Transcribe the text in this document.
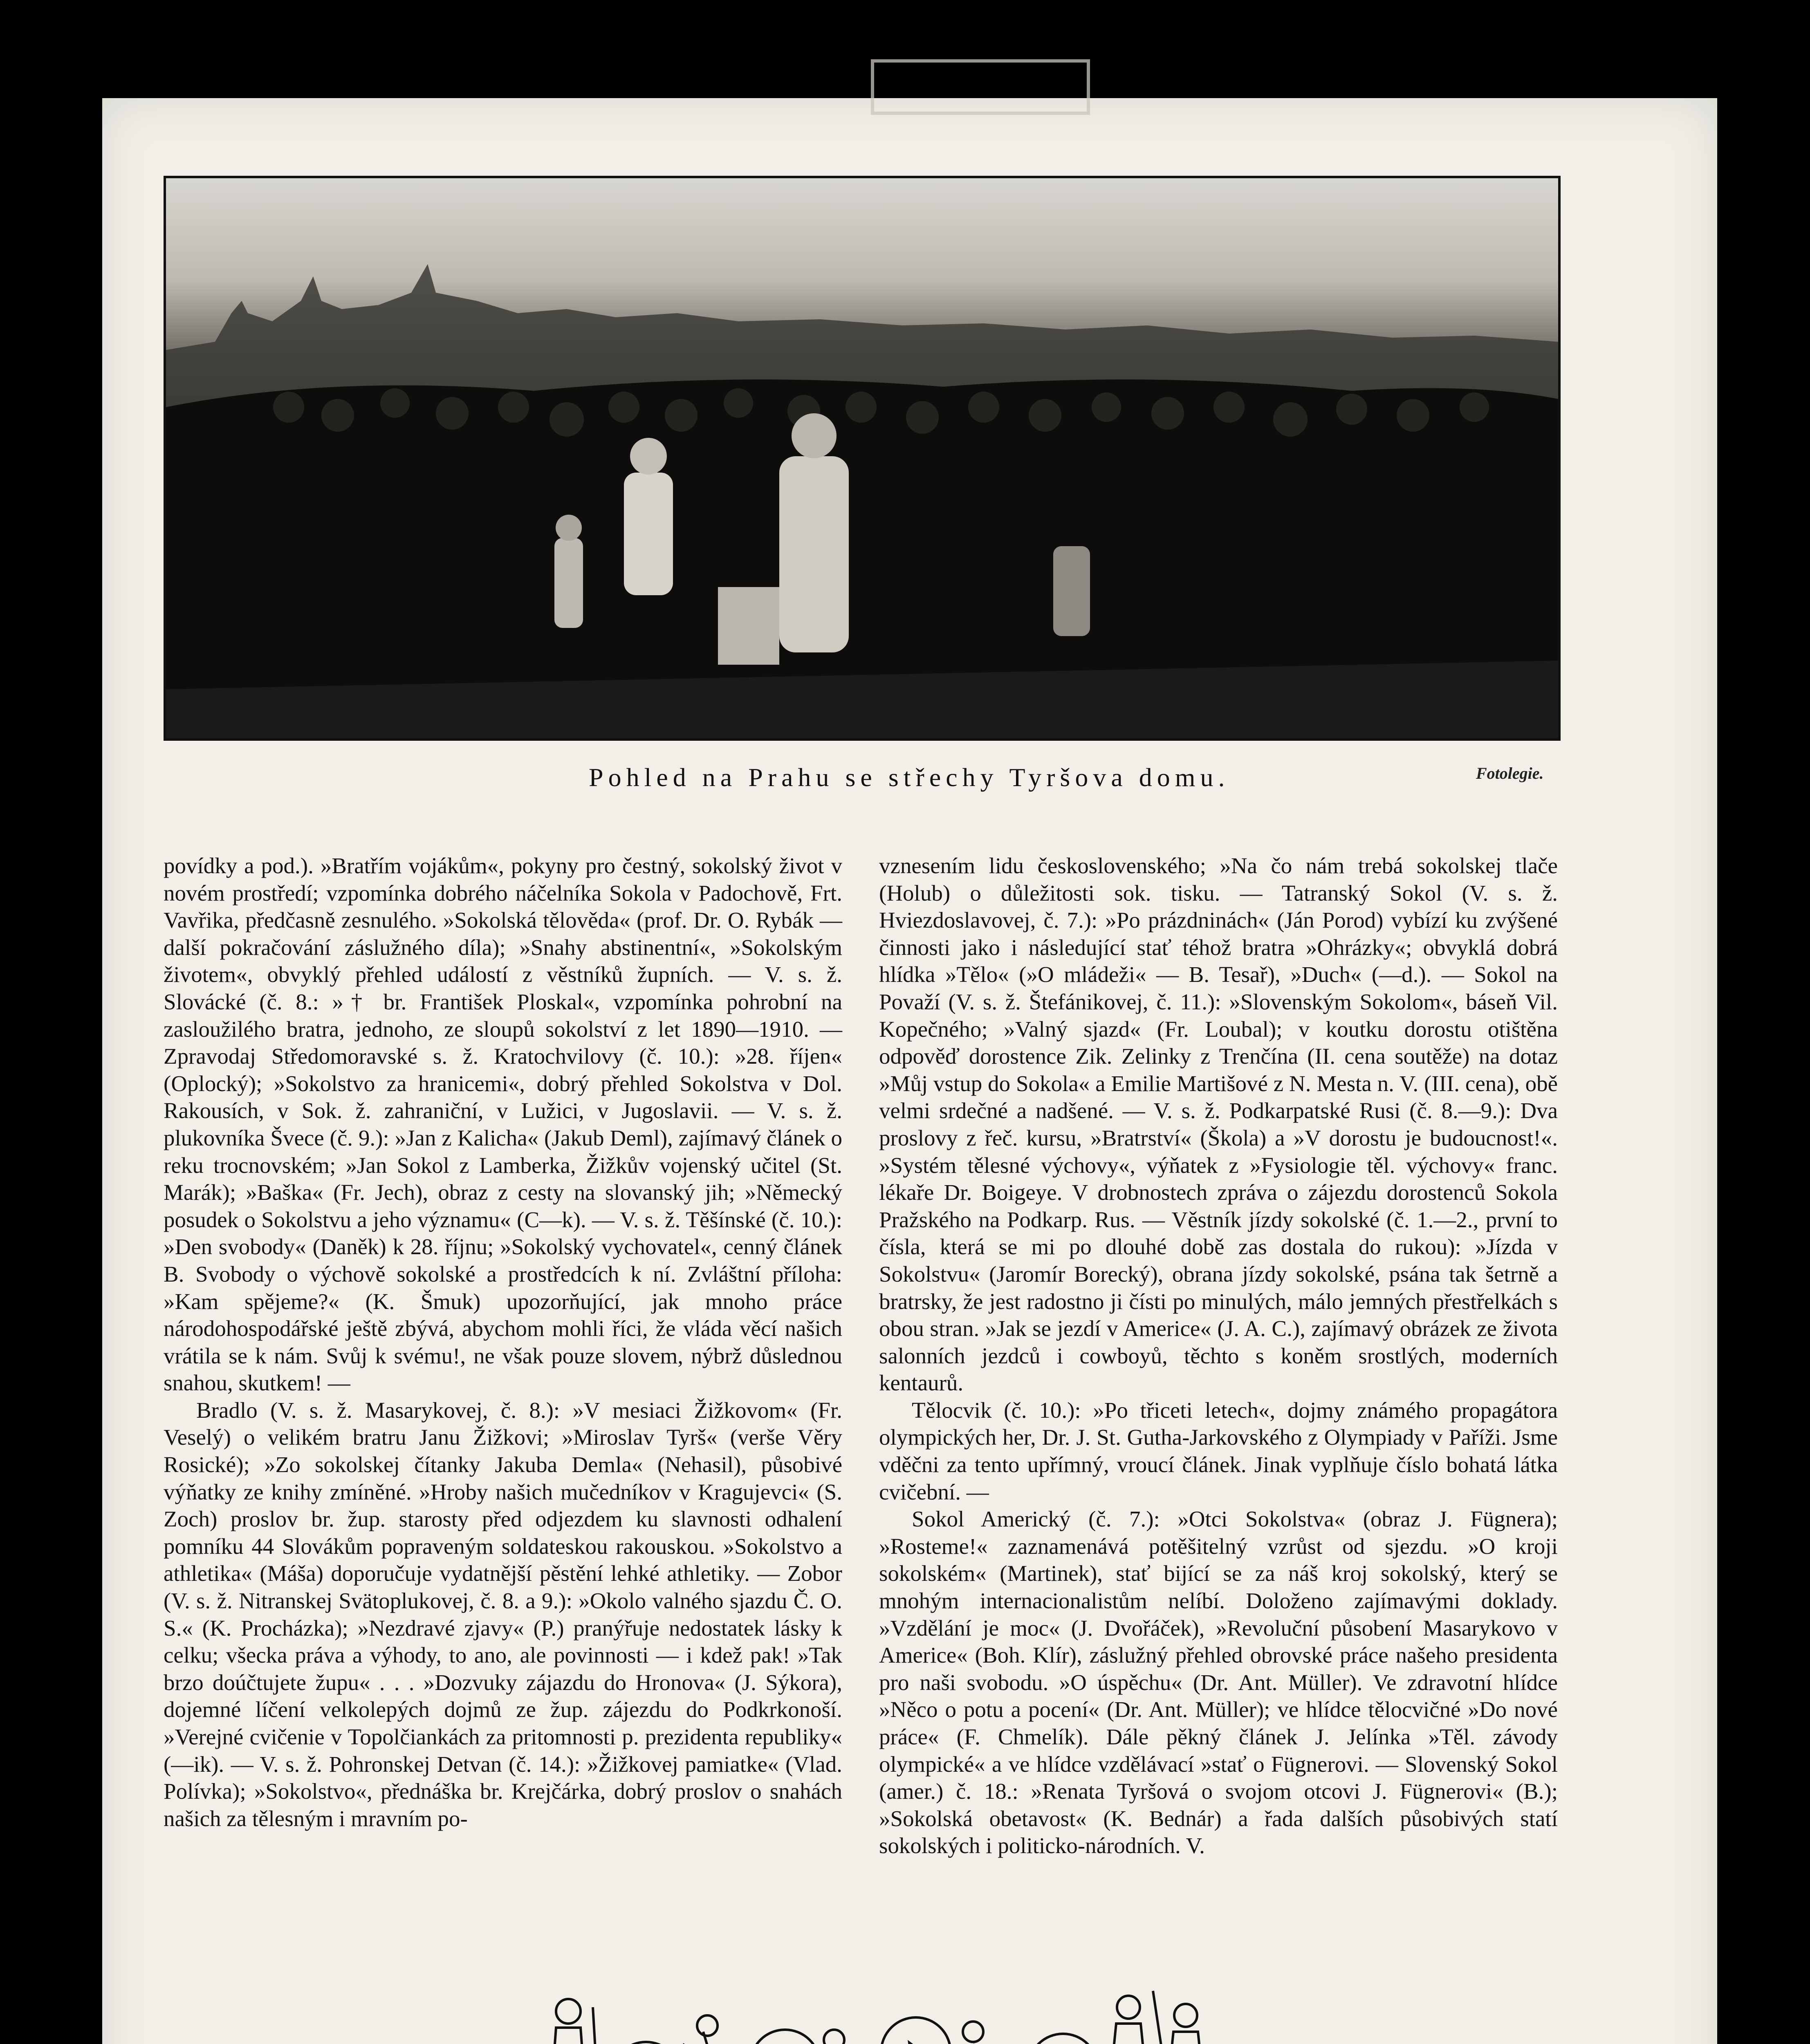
Pohled na Prahu se střechy Tyršova domu.	Fotolegie.

povídky a pod.). »Bratřím vojákům«, pokyny pro čestný, sokolský život v novém prostředí; vzpomínka dobrého náčelníka Sokola v Padochově, Frt. Vavřika, předčasně zesnulého. »Sokolská tělověda« (prof. Dr. O. Rybák — další pokračování záslužného díla); »Snahy abstinentní«, »Sokolským životem«, obvyklý přehled událostí z věstníků župních. — V. s. ž. Slovácké (č. 8.: »† br. František Ploskal«, vzpomínka pohrobní na zasloužilého bratra, jednoho, ze sloupů sokolství z let 1890—1910. — Zpravodaj Středomoravské s. ž. Kratochvilovy (č. 10.): »28. říjen« (Oplocký); »Sokolstvo za hranicemi«, dobrý přehled Sokolstva v Dol. Rakousích, v Sok. ž. zahraniční, v Lužici, v Jugoslavii. — V. s. ž. plukovníka Švece (č. 9.): »Jan z Kalicha« (Jakub Deml), zajímavý článek o reku trocnovském; »Jan Sokol z Lamberka, Žižkův vojenský učitel (St. Marák); »Baška« (Fr. Jech), obraz z cesty na slovanský jih; »Německý posudek o Sokolstvu a jeho významu« (C—k). — V. s. ž. Těšínské (č. 10.): »Den svobody« (Daněk) k 28. říjnu; »Sokolský vychovatel«, cenný článek B. Svobody o výchově sokolské a prostředcích k ní. Zvláštní příloha: »Kam spějeme?« (K. Šmuk) upozorňující, jak mnoho práce národohospodářské ještě zbývá, abychom mohli říci, že vláda věcí našich vrátila se k nám. Svůj k svému!, ne však pouze slovem, nýbrž důslednou snahou, skutkem! —

Bradlo (V. s. ž. Masarykovej, č. 8.): »V mesiaci Žižkovom« (Fr. Veselý) o velikém bratru Janu Žižkovi; »Miroslav Tyrš« (verše Věry Rosické); »Zo sokolskej čítanky Jakuba Demla« (Nehasil), působivé výňatky ze knihy zmíněné. »Hroby našich mučedníkov v Kragujevci« (S. Zoch) proslov br. žup. starosty před odjezdem ku slavnosti odhalení pomníku 44 Slovákům popraveným soldateskou rakouskou. »Sokolstvo a athletika« (Máša) doporučuje vydatnější pěstění lehké athletiky. — Zobor (V. s. ž. Nitranskej Svätoplukovej, č. 8. a 9.): »Okolo valného sjazdu Č. O. S.« (K. Procházka); »Nezdravé zjavy« (P.) pranýřuje nedostatek lásky k celku; všecka práva a výhody, to ano, ale povinnosti — i kdež pak! »Tak brzo doúčtujete župu« . . . »Dozvuky zájazdu do Hronova« (J. Sýkora), dojemné líčení velkolepých dojmů ze žup. zájezdu do Podkrkonoší. »Verejné cvičenie v Topolčiankách za pritomnosti p. prezidenta republiky« (—ik). — V. s. ž. Pohronskej Detvan (č. 14.): »Žižkovej pamiatke« (Vlad. Polívka); »Sokolstvo«, přednáška br. Krejčárka, dobrý proslov o snahách našich za tělesným i mravním po-

vznesením lidu československého; »Na čo nám trebá sokolskej tlače (Holub) o důležitosti sok. tisku. — Tatranský Sokol (V. s. ž. Hviezdoslavovej, č. 7.): »Po prázdninách« (Ján Porod) vybízí ku zvýšené činnosti jako i následující stať téhož bratra »Ohrázky«; obvyklá dobrá hlídka »Tělo« (»O mládeži« — B. Tesař), »Duch« (—d.). — Sokol na Považí (V. s. ž. Štefánikovej, č. 11.): »Slovenským Sokolom«, báseň Vil. Kopečného; »Valný sjazd« (Fr. Loubal); v koutku dorostu otištěna odpověď dorostence Zik. Zelinky z Trenčína (II. cena soutěže) na dotaz »Můj vstup do Sokola« a Emilie Martišové z N. Mesta n. V. (III. cena), obě velmi srdečné a nadšené. — V. s. ž. Podkarpatské Rusi (č. 8.—9.): Dva proslovy z řeč. kursu, »Bratrství« (Škola) a »V dorostu je budoucnost!«. »Systém tělesné výchovy«, výňatek z »Fysiologie těl. výchovy« franc. lékaře Dr. Boigeye. V drobnostech zpráva o zájezdu dorostenců Sokola Pražského na Podkarp. Rus. — Věstník jízdy sokolské (č. 1.—2., první to čísla, která se mi po dlouhé době zas dostala do rukou): »Jízda v Sokolstvu« (Jaromír Borecký), obrana jízdy sokolské, psána tak šetrně a bratrsky, že jest radostno ji čísti po minulých, málo jemných přestřelkách s obou stran. »Jak se jezdí v Americe« (J. A. C.), zajímavý obrázek ze života salonních jezdců i cowboyů, těchto s koněm srostlých, moderních kentaurů.

Tělocvik (č. 10.): »Po třiceti letech«, dojmy známého propagátora olympických her, Dr. J. St. Gutha-Jarkovského z Olympiady v Paříži. Jsme vděčni za tento upřímný, vroucí článek. Jinak vyplňuje číslo bohatá látka cvičební. —

Sokol Americký (č. 7.): »Otci Sokolstva« (obraz J. Fügnera); »Rosteme!« zaznamenává potěšitelný vzrůst od sjezdu. »O kroji sokolském« (Martinek), stať bijící se za náš kroj sokolský, který se mnohým internacionalistům nelíbí. Doloženo zajímavými doklady. »Vzdělání je moc« (J. Dvořáček), »Revoluční působení Masarykovo v Americe« (Boh. Klír), záslužný přehled obrovské práce našeho presidenta pro naši svobodu. »O úspěchu« (Dr. Ant. Müller). Ve zdravotní hlídce »Něco o potu a pocení« (Dr. Ant. Müller); ve hlídce tělocvičné »Do nové práce« (F. Chmelík). Dále pěkný článek J. Jelínka »Těl. závody olympické« a ve hlídce vzdělávací »stať o Fügnerovi. — Slovenský Sokol (amer.) č. 18.: »Renata Tyršová o svojom otcovi J. Fügnerovi« (B.); »Sokolská obetavost« (K. Bednár) a řada dalších působivých statí sokolských i politicko-národních. V.
